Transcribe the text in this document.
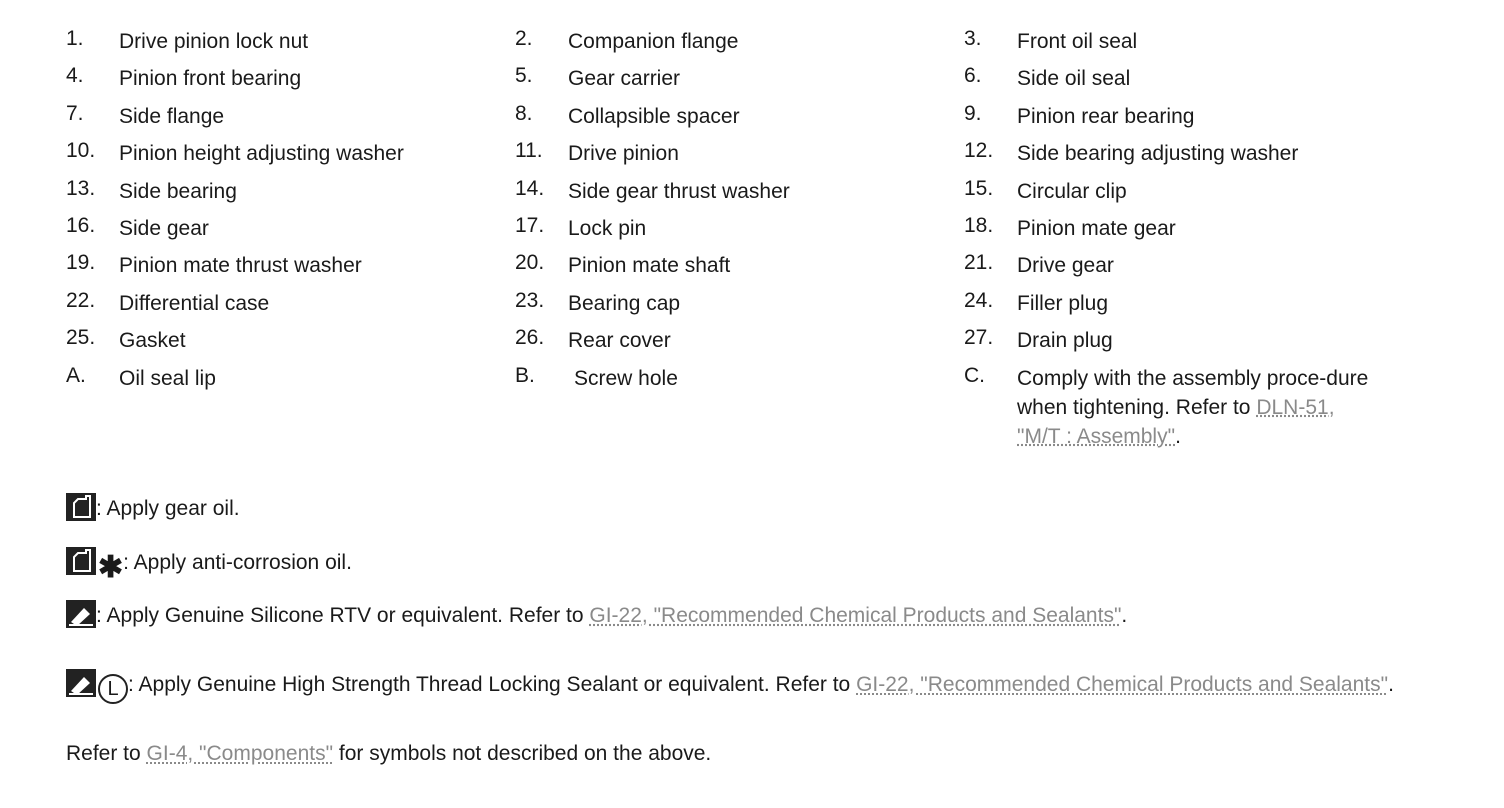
1. Drive pinion lock nut	2. Companion flange	3. Front oil seal
4. Pinion front bearing	5. Gear carrier	6. Side oil seal
7. Side flange	8. Collapsible spacer	9. Pinion rear bearing
10. Pinion height adjusting washer	11. Drive pinion	12. Side bearing adjusting washer
13. Side bearing	14. Side gear thrust washer	15. Circular clip
16. Side gear	17. Lock pin	18. Pinion mate gear
19. Pinion mate thrust washer	20. Pinion mate shaft	21. Drive gear
22. Differential case	23. Bearing cap	24. Filler plug
25. Gasket	26. Rear cover	27. Drain plug
A. Oil seal lip	B. Screw hole	C. Comply with the assembly proce-dure when tightening. Refer to DLN-51, "M/T : Assembly".
: Apply gear oil.
✱: Apply anti-corrosion oil.
: Apply Genuine Silicone RTV or equivalent. Refer to GI-22, "Recommended Chemical Products and Sealants".
L : Apply Genuine High Strength Thread Locking Sealant or equivalent. Refer to GI-22, "Recommended Chemical Products and Sealants".
Refer to GI-4, "Components" for symbols not described on the above.
